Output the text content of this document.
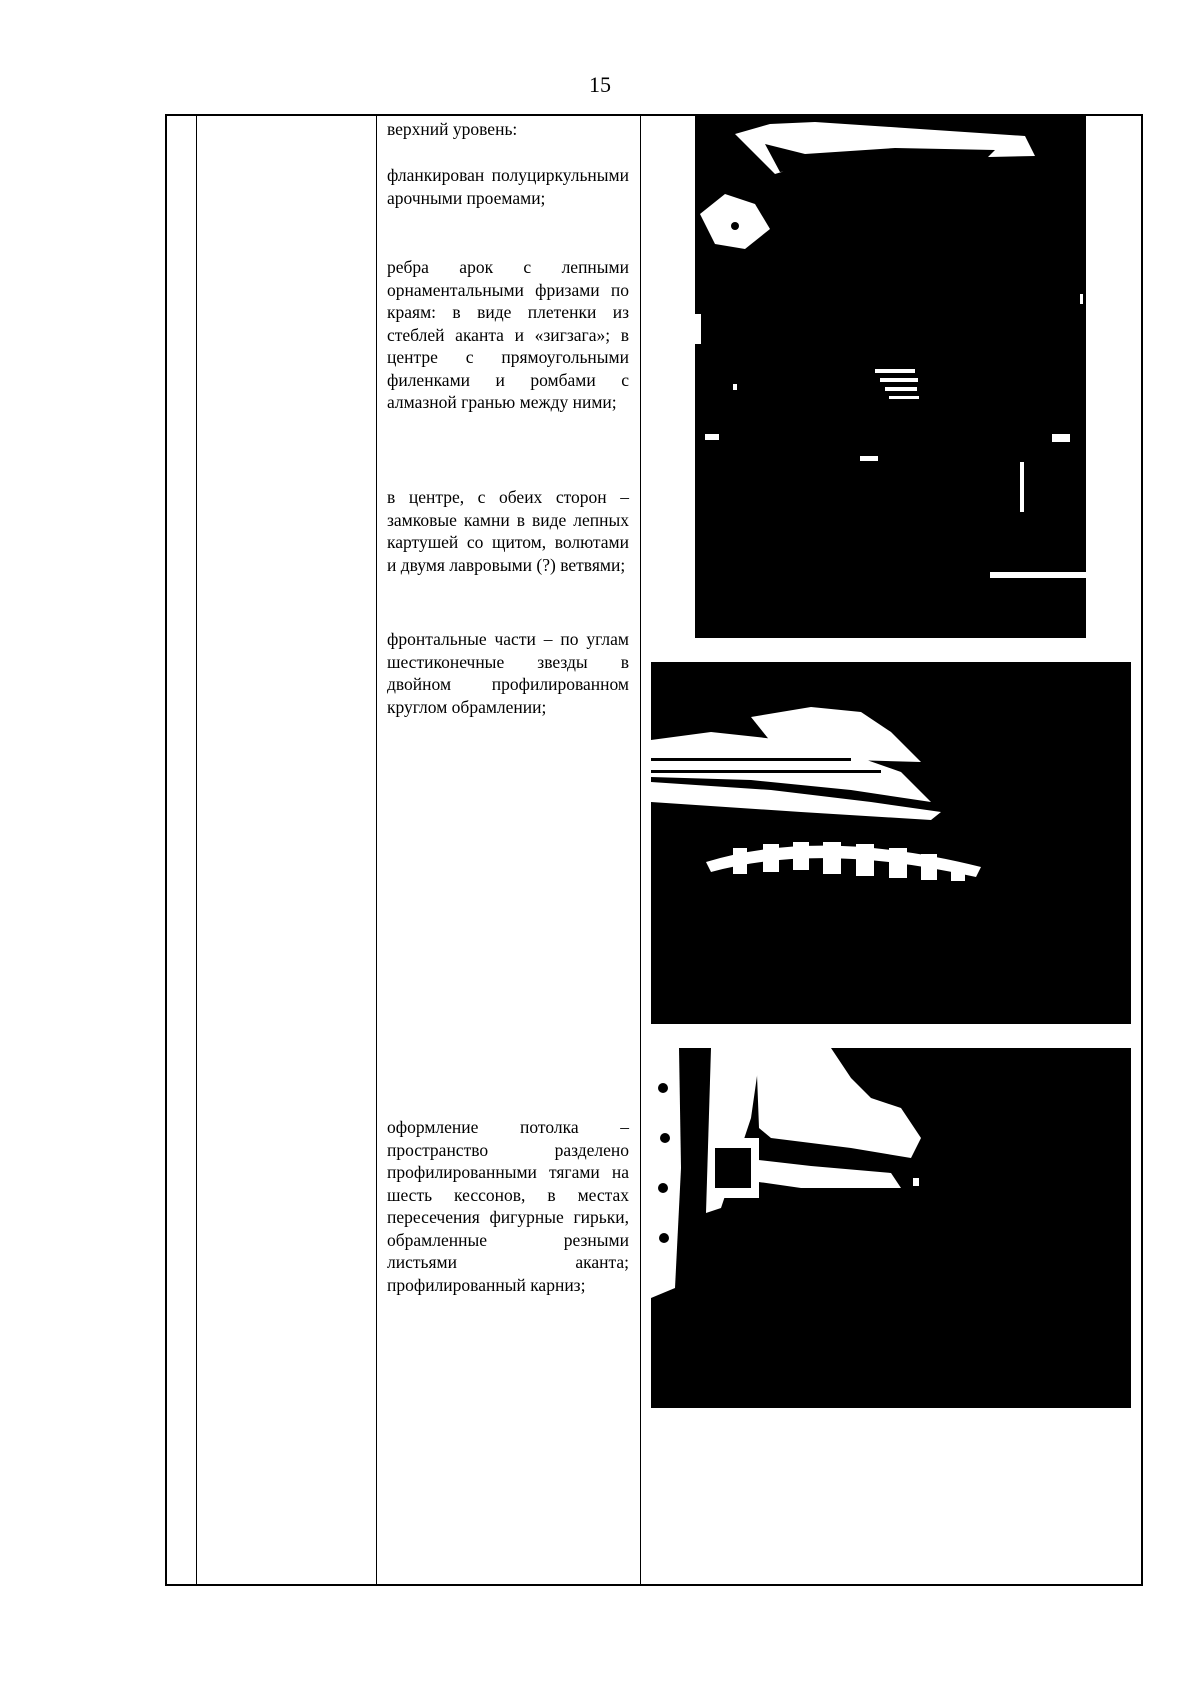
15

верхний уровень:

фланкирован полуциркульными арочными проемами;

ребра арок с лепными орнаментальными фризами по краям: в виде плетенки из стеблей аканта и «зигзага»; в центре с прямоугольными филенками и ромбами с алмазной гранью между ними;

в центре, с обеих сторон – замковые камни в виде лепных картушей со щитом, волютами и двумя лавровыми (?) ветвями;

фронтальные части – по углам шестиконечные звезды в двойном профилированном круглом обрамлении;

оформление потолка – пространство разделено профилированными тягами на шесть кессонов, в местах пересечения фигурные гирьки, обрамленные резными листьями аканта; профилированный карниз;
